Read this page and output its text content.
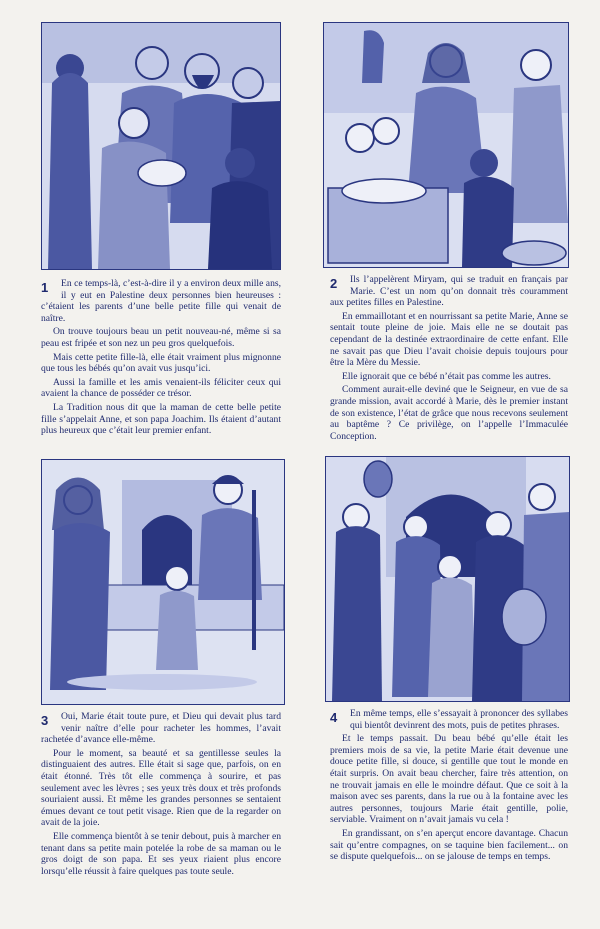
1	En ce temps-là, c’est-à-dire il y a environ deux mille ans, il y eut en Palestine deux personnes bien heureuses : c’étaient les parents d’une belle petite fille qui venait de naître.

On trouve toujours beau un petit nouveau-né, même si sa peau est fripée et son nez un peu gros quelquefois.

Mais cette petite fille-là, elle était vraiment plus mignonne que tous les bébés qu’on avait vus jusqu’ici.

Aussi la famille et les amis venaient-ils féliciter ceux qui avaient la chance de posséder ce trésor.

La Tradition nous dit que la maman de cette belle petite fille s’appelait Anne, et son papa Joachim. Ils étaient d’autant plus heureux que c’était leur premier enfant.

2	Ils l’appelèrent Miryam, qui se traduit en français par Marie. C’est un nom qu’on donnait très couramment aux petites filles en Palestine.

En emmaillotant et en nourrissant sa petite Marie, Anne se sentait toute pleine de joie. Mais elle ne se doutait pas cependant de la destinée extraordinaire de cette enfant. Elle ne savait pas que Dieu l’avait choisie depuis toujours pour être la Mère du Messie.

Elle ignorait que ce bébé n’était pas comme les autres.

Comment aurait-elle deviné que le Seigneur, en vue de sa grande mission, avait accordé à Marie, dès le premier instant de son existence, l’état de grâce que nous recevons seulement au baptême ? Ce privilège, on l’appelle l’Immaculée Conception.

3	Oui, Marie était toute pure, et Dieu qui devait plus tard venir naître d’elle pour racheter les hommes, l’avait rachetée d’avance elle-même.

Pour le moment, sa beauté et sa gentillesse seules la distinguaient des autres. Elle était si sage que, parfois, on en était étonné. Très tôt elle commença à sourire, et pas seulement avec les lèvres ; ses yeux très doux et très profonds souriaient aussi. Et même les grandes personnes se sentaient émues devant ce tout petit visage. Rien que de la regarder on avait de la joie.

Elle commença bientôt à se tenir debout, puis à marcher en tenant dans sa petite main potelée la robe de sa maman ou le gros doigt de son papa. Et ses yeux riaient plus encore lorsqu’elle réussit à faire quelques pas toute seule.

4	En même temps, elle s’essayait à prononcer des syllabes qui bientôt devinrent des mots, puis de petites phrases.

Et le temps passait. Du beau bébé qu’elle était les premiers mois de sa vie, la petite Marie était devenue une douce petite fille, si douce, si gentille que tout le monde en était surpris. On avait beau chercher, faire très attention, on ne trouvait jamais en elle le moindre défaut. Que ce soit à la maison avec ses parents, dans la rue ou à la fontaine avec les autres personnes, toujours Marie était gentille, polie, serviable. Vraiment on n’avait jamais vu cela !

En grandissant, on s’en aperçut encore davantage. Chacun sait qu’entre compagnes, on se taquine bien facilement... on se dispute quelquefois... on se jalouse de temps en temps.
